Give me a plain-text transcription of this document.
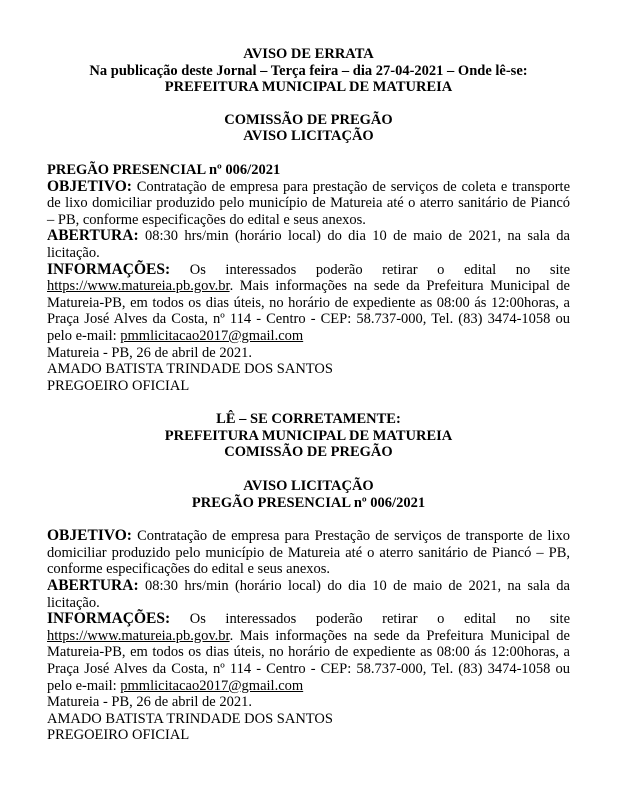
AVISO DE ERRATA
Na publicação deste Jornal – Terça feira – dia 27-04-2021 – Onde lê-se:
PREFEITURA MUNICIPAL DE MATUREIA
COMISSÃO DE PREGÃO
AVISO LICITAÇÃO
PREGÃO PRESENCIAL nº 006/2021

OBJETIVO: Contratação de empresa para prestação de serviços de coleta e transporte de lixo domiciliar produzido pelo município de Matureia até o aterro sanitário de Piancó – PB, conforme especificações do edital e seus anexos.

ABERTURA: 08:30 hrs/min (horário local) do dia 10 de maio de 2021, na sala da licitação.

INFORMAÇÕES: Os interessados poderão retirar o edital no site https://www.matureia.pb.gov.br. Mais informações na sede da Prefeitura Municipal de Matureia-PB, em todos os dias úteis, no horário de expediente as 08:00 ás 12:00horas, a Praça José Alves da Costa, nº 114 - Centro - CEP: 58.737-000, Tel. (83) 3474-1058 ou pelo e-mail: pmmlicitacao2017@gmail.com

Matureia - PB, 26 de abril de 2021.
AMADO BATISTA TRINDADE DOS SANTOS
PREGOEIRO OFICIAL
LÊ – SE CORRETAMENTE:
PREFEITURA MUNICIPAL DE MATUREIA
COMISSÃO DE PREGÃO
AVISO LICITAÇÃO
PREGÃO PRESENCIAL nº 006/2021

OBJETIVO: Contratação de empresa para Prestação de serviços de transporte de lixo domiciliar produzido pelo município de Matureia até o aterro sanitário de Piancó – PB, conforme especificações do edital e seus anexos.

ABERTURA: 08:30 hrs/min (horário local) do dia 10 de maio de 2021, na sala da licitação.

INFORMAÇÕES: Os interessados poderão retirar o edital no site https://www.matureia.pb.gov.br. Mais informações na sede da Prefeitura Municipal de Matureia-PB, em todos os dias úteis, no horário de expediente as 08:00 ás 12:00horas, a Praça José Alves da Costa, nº 114 - Centro - CEP: 58.737-000, Tel. (83) 3474-1058 ou pelo e-mail: pmmlicitacao2017@gmail.com

Matureia - PB, 26 de abril de 2021.
AMADO BATISTA TRINDADE DOS SANTOS
PREGOEIRO OFICIAL
